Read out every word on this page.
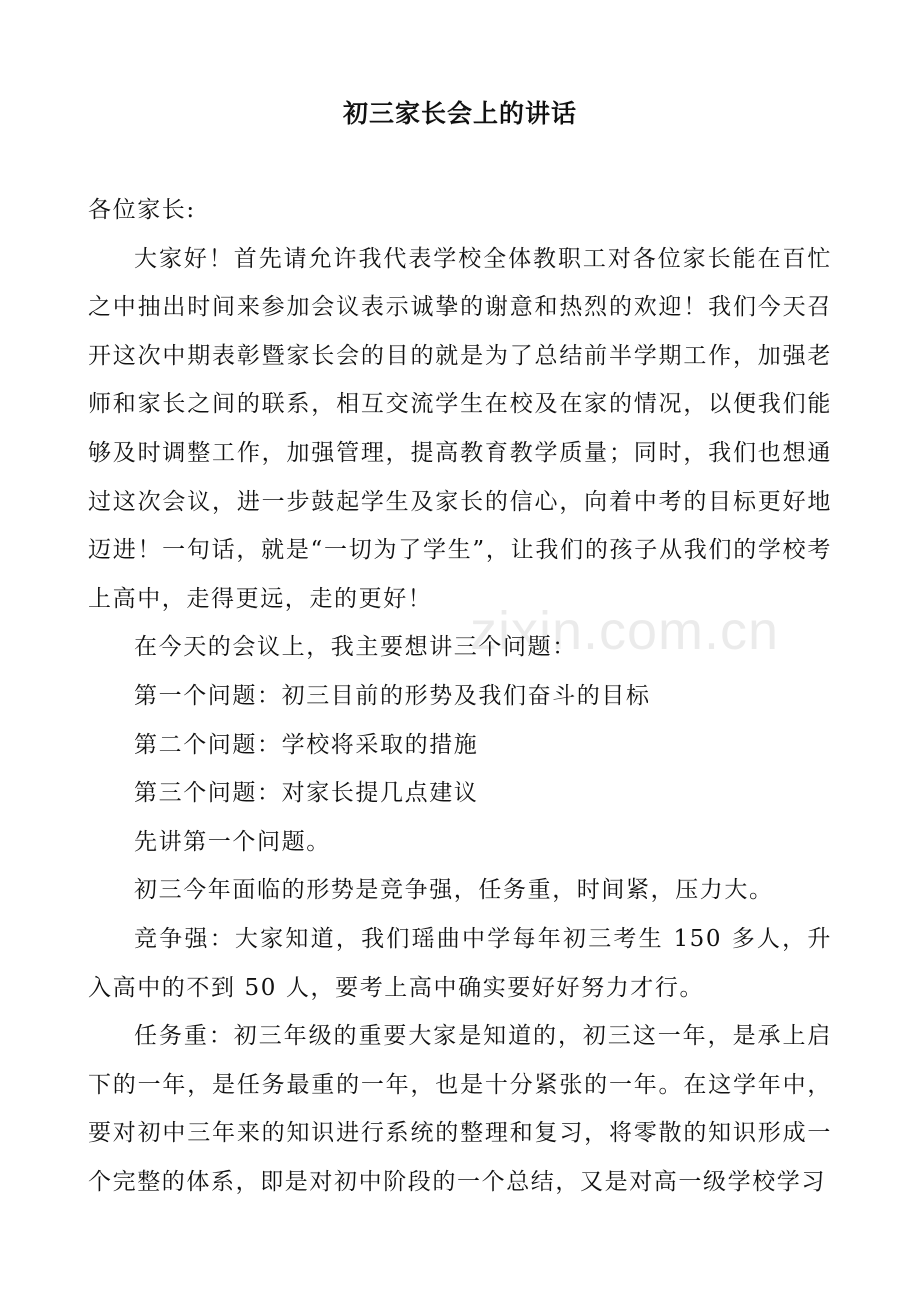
初三家长会上的讲话

各位家长:

大家好！首先请允许我代表学校全体教职工对各位家长能在百忙之中抽出时间来参加会议表示诚挚的谢意和热烈的欢迎！我们今天召开这次中期表彰暨家长会的目的就是为了总结前半学期工作，加强老师和家长之间的联系，相互交流学生在校及在家的情况，以便我们能够及时调整工作，加强管理，提高教育教学质量；同时，我们也想通过这次会议，进一步鼓起学生及家长的信心，向着中考的目标更好地迈进！一句话，就是“一切为了学生”，让我们的孩子从我们的学校考上高中，走得更远，走的更好！

在今天的会议上，我主要想讲三个问题：

第一个问题：初三目前的形势及我们奋斗的目标

第二个问题：学校将采取的措施

第三个问题：对家长提几点建议

先讲第一个问题。

初三今年面临的形势是竞争强，任务重，时间紧，压力大。

竞争强：大家知道，我们瑶曲中学每年初三考生 150 多人，升入高中的不到 50 人，要考上高中确实要好好努力才行。

任务重：初三年级的重要大家是知道的，初三这一年，是承上启下的一年，是任务最重的一年，也是十分紧张的一年。在这学年中，要对初中三年来的知识进行系统的整理和复习，将零散的知识形成一个完整的体系，即是对初中阶段的一个总结，又是对高一级学校学习

zixin.com.cn
